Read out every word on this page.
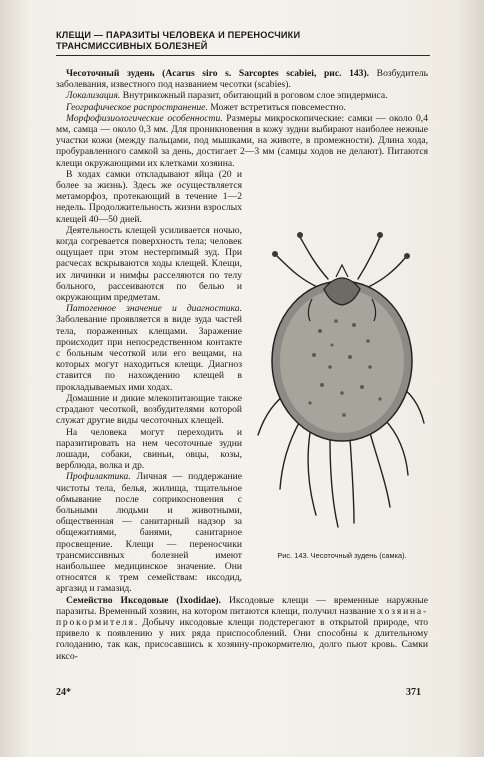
КЛЕЩИ — ПАРАЗИТЫ ЧЕЛОВЕКА И ПЕРЕНОСЧИКИ
ТРАНСМИССИВНЫХ БОЛЕЗНЕЙ

Чесоточный зудень (Acarus siro s. Sarcoptes scabiei, рис. 143). Возбудитель заболевания, известного под названием чесотки (scabies).

Локализация. Внутрикожный паразит, обитающий в роговом слое эпидермиса.

Географическое распространение. Может встретиться повсеместно.

Морфофизиологические особенности. Размеры микроскопические: самки — около 0,4 мм, самца — около 0,3 мм. Для проникновения в кожу зудни выбирают наиболее нежные участки кожи (между пальцами, под мышками, на животе, в промежности). Длина хода, пробуравленного самкой за день, достигает 2—3 мм (самцы ходов не делают). Питаются клещи окружающими их клетками хозяина.

Рис. 143. Чесоточный зудень (самка).

В ходах самки откладывают яйца (20 и более за жизнь). Здесь же осуществляется метаморфоз, протекающий в течение 1—2 недель. Продолжительность жизни взрослых клещей 40—50 дней.

Деятельность клещей усиливается ночью, когда согревается поверхность тела; человек ощущает при этом нестерпимый зуд. При расчесах вскрываются ходы клещей. Клещи, их личинки и нимфы расселяются по телу больного, рассеиваются по белью и окружающим предметам.

Патогенное значение и диагностика. Заболевание проявляется в виде зуда частей тела, пораженных клещами. Заражение происходит при непосредственном контакте с больным чесоткой или его вещами, на которых могут находиться клещи. Диагноз ставится по нахождению клещей в прокладываемых ими ходах.

Домашние и дикие млекопитающие также страдают чесоткой, возбудителями которой служат другие виды чесоточных клещей.

На человека могут переходить и паразитировать на нем чесоточные зудни лошади, собаки, свиньи, овцы, козы, верблюда, волка и др.

Профилактика. Личная — поддержание чистоты тела, белья, жилища, тщательное обмывание после соприкосновения с больными людьми и животными, общественная — санитарный надзор за общежитиями, банями, санитарное просвещение. Клещи — переносчики трансмиссивных болезней имеют наибольшее медицинское значение. Они относятся к трем семействам: иксодид, аргазид и гамазид.

Семейство Иксодовые (Ixodidae). Иксодовые клещи — временные наружные паразиты. Временный хозяин, на котором питаются клещи, получил название хозяина-прокормителя. Добычу иксодовые клещи подстерегают в открытой природе, что привело к появлению у них ряда приспособлений. Они способны к длительному голоданию, так как, присосавшись к хозяину-прокормителю, долго пьют кровь. Самки иксо-

24*	371
